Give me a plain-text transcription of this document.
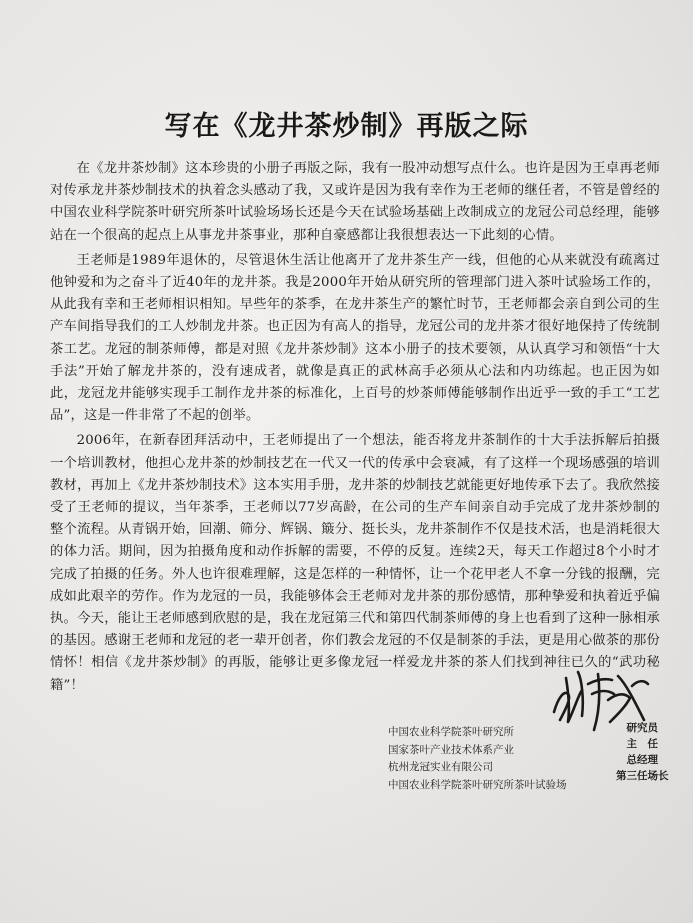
写在《龙井茶炒制》再版之际

在《龙井茶炒制》这本珍贵的小册子再版之际，我有一股冲动想写点什么。也许是因为王卓再老师对传承龙井茶炒制技术的执着念头感动了我，又或许是因为我有幸作为王老师的继任者，不管是曾经的中国农业科学院茶叶研究所茶叶试验场场长还是今天在试验场基础上改制成立的龙冠公司总经理，能够站在一个很高的起点上从事龙井茶事业，那种自豪感都让我很想表达一下此刻的心情。

王老师是1989年退休的，尽管退休生活让他离开了龙井茶生产一线，但他的心从来就没有疏离过他钟爱和为之奋斗了近40年的龙井茶。我是2000年开始从研究所的管理部门进入茶叶试验场工作的，从此我有幸和王老师相识相知。早些年的茶季，在龙井茶生产的繁忙时节，王老师都会亲自到公司的生产车间指导我们的工人炒制龙井茶。也正因为有高人的指导，龙冠公司的龙井茶才很好地保持了传统制茶工艺。龙冠的制茶师傅，都是对照《龙井茶炒制》这本小册子的技术要领，从认真学习和领悟“十大手法”开始了解龙井茶的，没有速成者，就像是真正的武林高手必须从心法和内功练起。也正因为如此，龙冠龙井能够实现手工制作龙井茶的标准化，上百号的炒茶师傅能够制作出近乎一致的手工“工艺品”，这是一件非常了不起的创举。

2006年，在新春团拜活动中，王老师提出了一个想法，能否将龙井茶制作的十大手法拆解后拍摄一个培训教材，他担心龙井茶的炒制技艺在一代又一代的传承中会衰减，有了这样一个现场感强的培训教材，再加上《龙井茶炒制技术》这本实用手册，龙井茶的炒制技艺就能更好地传承下去了。我欣然接受了王老师的提议，当年茶季，王老师以77岁高龄，在公司的生产车间亲自动手完成了龙井茶炒制的整个流程。从青锅开始，回潮、筛分、辉锅、簸分、挺长头，龙井茶制作不仅是技术活，也是消耗很大的体力活。期间，因为拍摄角度和动作拆解的需要，不停的反复。连续2天，每天工作超过8个小时才完成了拍摄的任务。外人也许很难理解，这是怎样的一种情怀，让一个花甲老人不拿一分钱的报酬，完成如此艰辛的劳作。作为龙冠的一员，我能够体会王老师对龙井茶的那份感情，那种挚爱和执着近乎偏执。今天，能让王老师感到欣慰的是，我在龙冠第三代和第四代制茶师傅的身上也看到了这种一脉相承的基因。感谢王老师和龙冠的老一辈开创者，你们教会龙冠的不仅是制茶的手法，更是用心做茶的那份情怀！相信《龙井茶炒制》的再版，能够让更多像龙冠一样爱龙井茶的茶人们找到神往已久的“武功秘籍”！

中国农业科学院茶叶研究所
国家茶叶产业技术体系产业
杭州龙冠实业有限公司
中国农业科学院茶叶研究所茶叶试验场
研究员
主　任
总经理
第三任场长
